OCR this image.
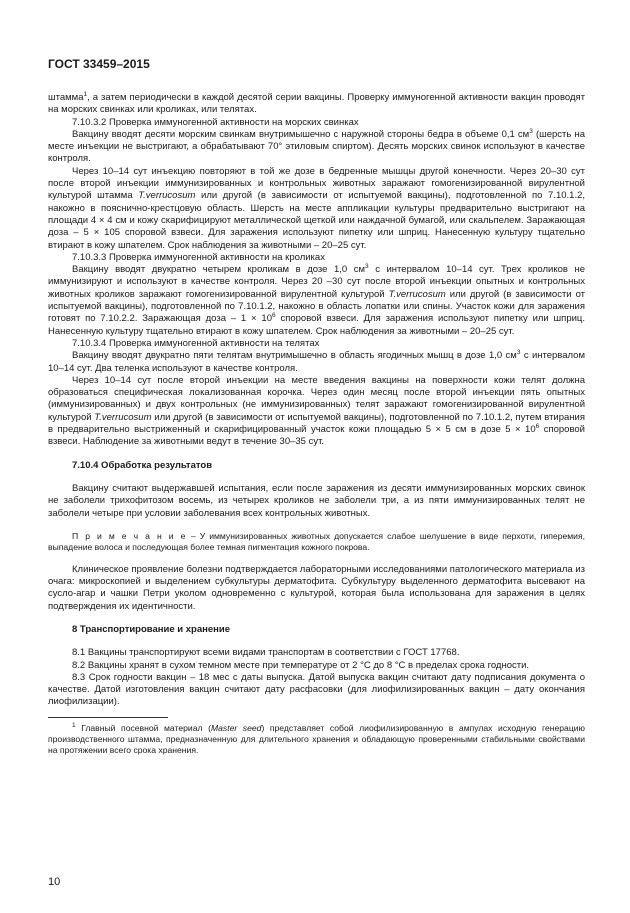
ГОСТ 33459–2015

штамма$^1$, а затем периодически в каждой десятой серии вакцины. Проверку иммуногенной активности вакцин проводят на морских свинках или кроликах, или телятах.

7.10.3.2 Проверка иммуногенной активности на морских свинках

Вакцину вводят десяти морским свинкам внутримышечно с наружной стороны бедра в объеме 0,1 $см^3$ (шерсть на месте инъекции не выстригают, а обрабатывают 70° этиловым спиртом). Десять морских свинок используют в качестве контроля.

Через 10–14 сут инъекцию повторяют в той же дозе в бедренные мышцы другой конечности. Через 20–30 сут после второй инъекции иммунизированных и контрольных животных заражают гомогенизированной вирулентной культурой штамма T.verrucosum или другой (в зависимости от испытуемой вакцины), подготовленной по 7.10.1.2, накожно в пояснично-крестцовую область. Шерсть на месте аппликации культуры предварительно выстригают на площади 4 × 4 см и кожу скарифицируют металлической щеткой или наждачной бумагой, или скальпелем. Заражающая доза – 5 × 105 споровой взвеси. Для заражения используют пипетку или шприц. Нанесенную культуру тщательно втирают в кожу шпателем. Срок наблюдения за животными – 20–25 сут.

7.10.3.3 Проверка иммуногенной активности на кроликах

Вакцину вводят двукратно четырем кроликам в дозе 1,0 $см^3$ с интервалом 10–14 сут. Трех кроликов не иммунизируют и используют в качестве контроля. Через 20 –30 сут после второй инъекции опытных и контрольных животных кроликов заражают гомогенизированной вирулентной культурой T.verrucosum или другой (в зависимости от испытуемой вакцины), подготовленной по 7.10.1.2, накожно в область лопатки или спины. Участок кожи для заражения готовят по 7.10.2.2. Заражающая доза – $1 \times 10^6$ споровой взвеси. Для заражения используют пипетку или шприц. Нанесенную культуру тщательно втирают в кожу шпателем. Срок наблюдения за животными – 20–25 сут.

7.10.3.4 Проверка иммуногенной активности на телятах

Вакцину вводят двукратно пяти телятам внутримышечно в область ягодичных мышц в дозе 1,0 $см^3$ с интервалом 10–14 сут. Два теленка используют в качестве контроля.

Через 10–14 сут после второй инъекции на месте введения вакцины на поверхности кожи телят должна образоваться специфическая локализованная корочка. Через один месяц после второй инъекции пять опытных (иммунизированных) и двух контрольных (не иммунизированных) телят заражают гомогенизированной вирулентной культурой T.verrucosum или другой (в зависимости от испытуемой вакцины), подготовленной по 7.10.1.2, путем втирания в предварительно выстриженный и скарифицированный участок кожи площадью 5 × 5 см в дозе $5 \times 10^6$ споровой взвеси. Наблюдение за животными ведут в течение 30–35 сут.

7.10.4 Обработка результатов

Вакцину считают выдержавшей испытания, если после заражения из десяти иммунизированных морских свинок не заболели трихофитозом восемь, из четырех кроликов не заболели три, а из пяти иммунизированных телят не заболели четыре при условии заболевания всех контрольных животных.

П р и м е ч а н и е – У иммунизированных животных допускается слабое шелушение в виде перхоти, гиперемия, выпадение волоса и последующая более темная пигментация кожного покрова.

Клиническое проявление болезни подтверждается лабораторными исследованиями патологического материала из очага: микроскопией и выделением субкультуры дерматофита. Субкультуру выделенного дерматофита высевают на сусло-агар и чашки Петри уколом одновременно с культурой, которая была использована для заражения в целях подтверждения их идентичности.

8 Транспортирование и хранение

8.1 Вакцины транспортируют всеми видами транспортам в соответствии с ГОСТ 17768.

8.2 Вакцины хранят в сухом темном месте при температуре от 2 °С до 8 °С в пределах срока годности.

8.3 Срок годности вакцин – 18 мес с даты выпуска. Датой выпуска вакцин считают дату подписания документа о качестве. Датой изготовления вакцин считают дату расфасовки (для лиофилизированных вакцин – дату окончания лиофилизации).

$^1$ Главный посевной материал (Master seed) представляет собой лиофилизированную в ампулах исходную генерацию производственного штамма, предназначенную для длительного хранения и обладающую проверенными стабильными свойствами на протяжении всего срока хранения.

10
